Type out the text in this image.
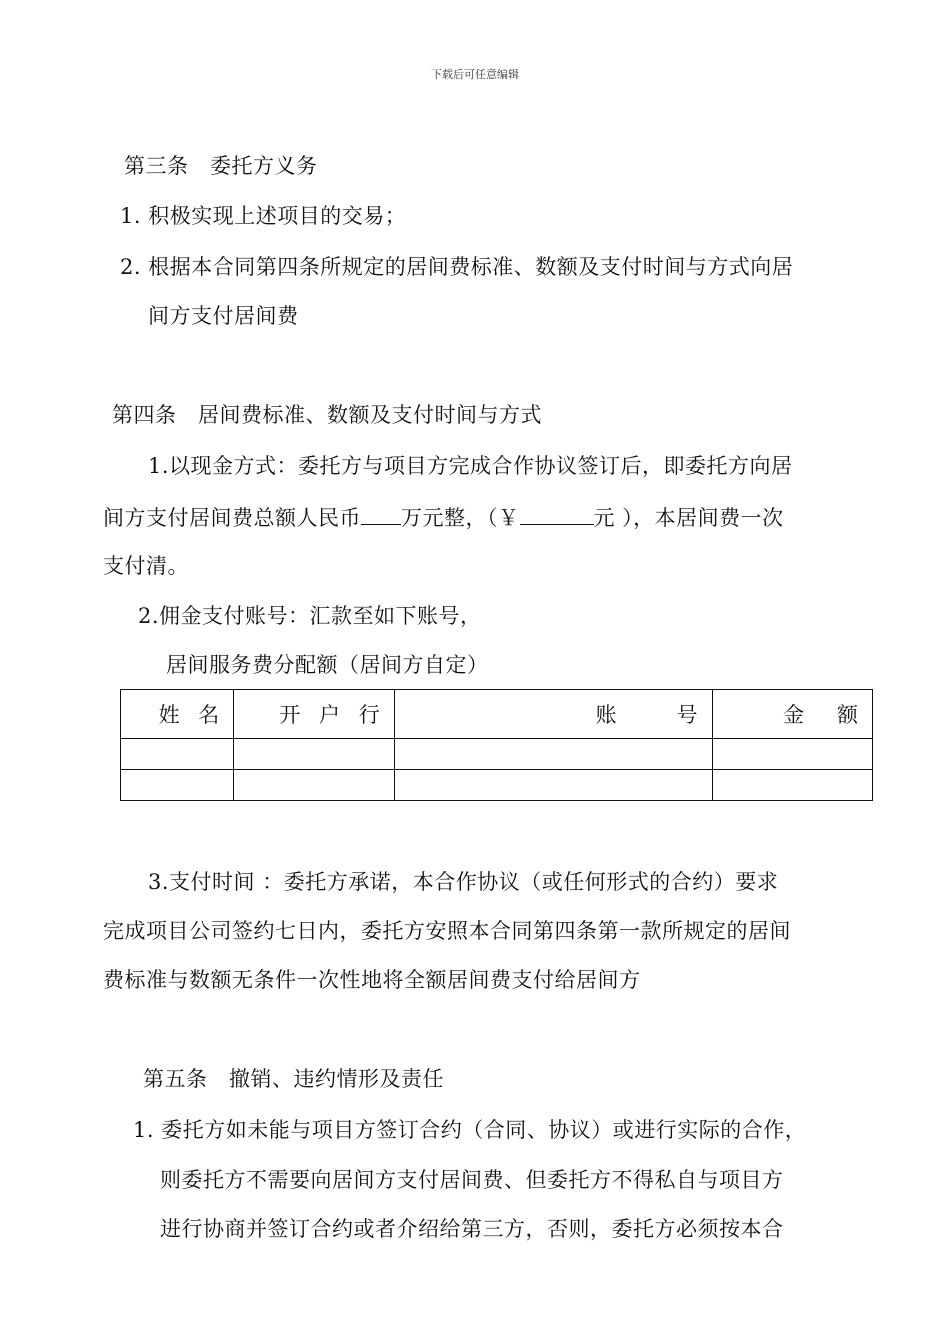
下载后可任意编辑
第三条　委托方义务
1. 积极实现上述项目的交易；
2. 根据本合同第四条所规定的居间费标准、数额及支付时间与方式向居
间方支付居间费
第四条　居间费标准、数额及支付时间与方式
1.以现金方式：委托方与项目方完成合作协议签订后，即委托方向居
间方支付居间费总额人民币 万元整，（￥	元 ），本居间费一次
支付清。
2.佣金支付账号：汇款至如下账号，
居间服务费分配额（居间方自定）
姓 名	开 户 行	账　　号	金　额

3.支付时间 ：委托方承诺，本合作协议（或任何形式的合约）要求
完成项目公司签约七日内，委托方安照本合同第四条第一款所规定的居间
费标准与数额无条件一次性地将全额居间费支付给居间方
第五条　撤销、违约情形及责任
1. 委托方如未能与项目方签订合约（合同、协议）或进行实际的合作，
则委托方不需要向居间方支付居间费、但委托方不得私自与项目方
进行协商并签订合约或者介绍给第三方，否则，委托方必须按本合
